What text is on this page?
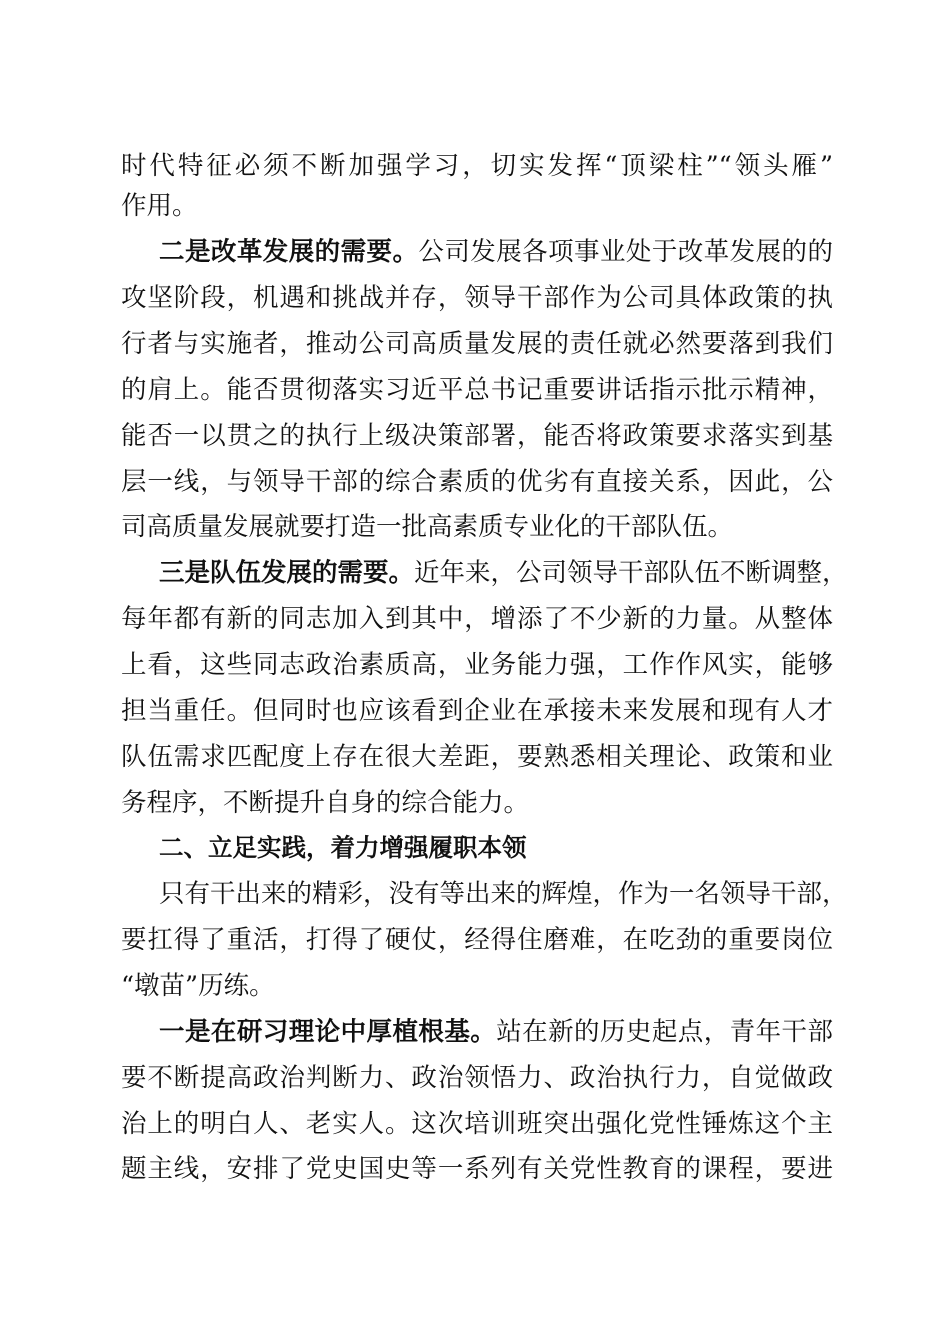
时代特征必须不断加强学习，切实发挥“顶梁柱”“领头雁”
作用。
二是改革发展的需要。公司发展各项事业处于改革发展的的
攻坚阶段，机遇和挑战并存，领导干部作为公司具体政策的执
行者与实施者，推动公司高质量发展的责任就必然要落到我们
的肩上。能否贯彻落实习近平总书记重要讲话指示批示精神，
能否一以贯之的执行上级决策部署，能否将政策要求落实到基
层一线，与领导干部的综合素质的优劣有直接关系，因此，公
司高质量发展就要打造一批高素质专业化的干部队伍。
三是队伍发展的需要。近年来，公司领导干部队伍不断调整，
每年都有新的同志加入到其中，增添了不少新的力量。从整体
上看，这些同志政治素质高，业务能力强，工作作风实，能够
担当重任。但同时也应该看到企业在承接未来发展和现有人才
队伍需求匹配度上存在很大差距，要熟悉相关理论、政策和业
务程序，不断提升自身的综合能力。
二、立足实践，着力增强履职本领
只有干出来的精彩，没有等出来的辉煌，作为一名领导干部，
要扛得了重活，打得了硬仗，经得住磨难，在吃劲的重要岗位
“墩苗”历练。
一是在研习理论中厚植根基。站在新的历史起点，青年干部
要不断提高政治判断力、政治领悟力、政治执行力，自觉做政
治上的明白人、老实人。这次培训班突出强化党性锤炼这个主
题主线，安排了党史国史等一系列有关党性教育的课程，要进
